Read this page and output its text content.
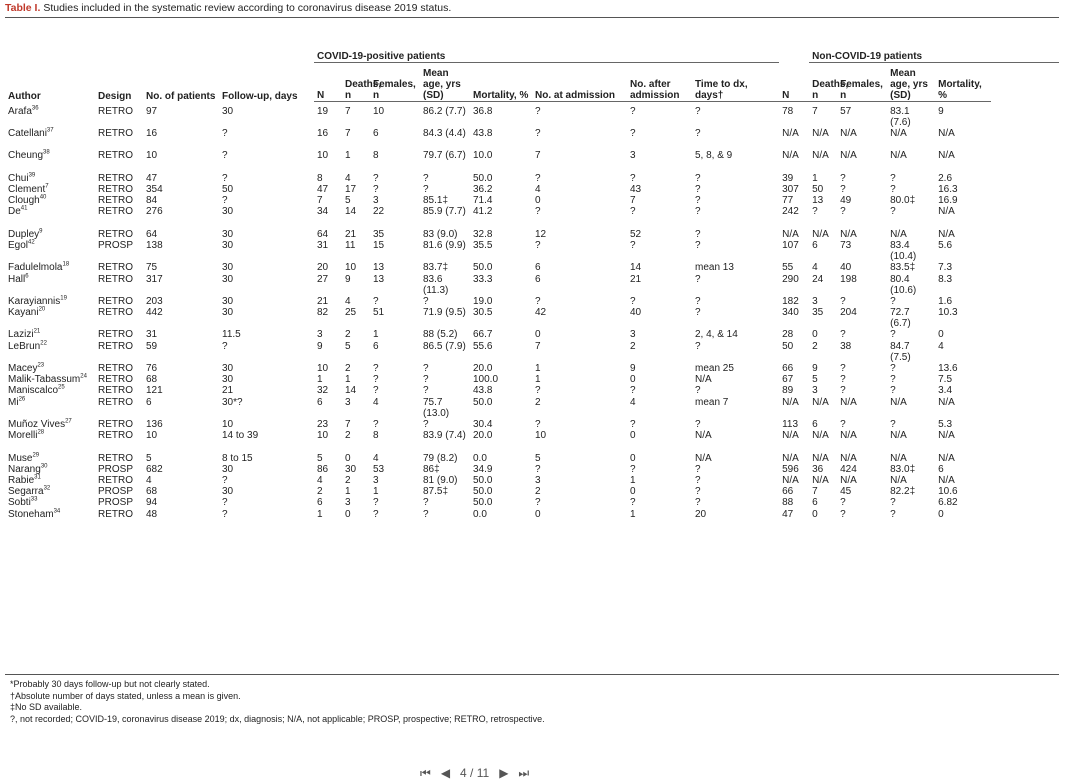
Table I. Studies included in the systematic review according to coronavirus disease 2019 status.
Author	Design	No. of patients	Follow-up, days	COVID-19-positive patients									Non-COVID-19 patients			
				N	Deaths, n	Females, n	Mean age, yrs (SD)	Mortality, %	No. at admission	No. after admission	Time to dx, days†	N	Deaths, n	Females, n	Mean age, yrs (SD)	Mortality, %
Arafa$^{36}$	RETRO	97	30	19	7	10	86.2 (7.7)	36.8	?	?	?	78	7	57	83.1 (7.6)	9
Catellani$^{37}$	RETRO	16	?	16	7	6	84.3 (4.4)	43.8	?	?	?	N/A	N/A	N/A	N/A	N/A
Cheung$^{38}$	RETRO	10	?	10	1	8	79.7 (6.7)	10.0	7	3	5, 8, & 9	N/A	N/A	N/A	N/A	N/A
Chui$^{39}$	RETRO	47	?	8	4	?	?	50.0	?	?	?	39	1	?	?	2.6
Clement$^7$	RETRO	354	50	47	17	?	?	36.2	4	43	?	307	50	?	?	16.3
Clough$^{40}$	RETRO	84	?	7	5	3	85.1‡	71.4	0	7	?	77	13	49	80.0‡	16.9
De$^{41}$	RETRO	276	30	34	14	22	85.9 (7.7)	41.2	?	?	?	242	?	?	?	N/A
Dupley$^9$	RETRO	64	30	64	21	35	83 (9.0)	32.8	12	52	?	N/A	N/A	N/A	N/A	N/A
Egol$^{42}$	PROSP	138	30	31	11	15	81.6 (9.9)	35.5	?	?	?	107	6	73	83.4 (10.4)	5.6
Fadulelmola$^{18}$	RETRO	75	30	20	10	13	83.7‡	50.0	6	14	mean 13	55	4	40	83.5‡	7.3
Hall$^6$	RETRO	317	30	27	9	13	83.6 (11.3)	33.3	6	21	?	290	24	198	80.4 (10.6)	8.3
Karayiannis$^{19}$	RETRO	203	30	21	4	?	?	19.0	?	?	?	182	3	?	?	1.6
Kayani$^{20}$	RETRO	442	30	82	25	51	71.9 (9.5)	30.5	42	40	?	340	35	204	72.7 (6.7)	10.3
Lazizi$^{21}$	RETRO	31	11.5	3	2	1	88 (5.2)	66.7	0	3	2, 4, & 14	28	0	?	?	0
LeBrun$^{22}$	RETRO	59	?	9	5	6	86.5 (7.9)	55.6	7	2	?	50	2	38	84.7 (7.5)	4
Macey$^{23}$	RETRO	76	30	10	2	?	?	20.0	1	9	mean 25	66	9	?	?	13.6
Malik-Tabassum$^{24}$	RETRO	68	30	1	1	?	?	100.0	1	0	N/A	67	5	?	?	7.5
Maniscalco$^{25}$	RETRO	121	21	32	14	?	?	43.8	?	?	?	89	3	?	?	3.4
Mi$^{26}$	RETRO	6	30*?	6	3	4	75.7 (13.0)	50.0	2	4	mean 7	N/A	N/A	N/A	N/A	N/A
Muñoz Vives$^{27}$	RETRO	136	10	23	7	?	?	30.4	?	?	?	113	6	?	?	5.3
Morelli$^{28}$	RETRO	10	14 to 39	10	2	8	83.9 (7.4)	20.0	10	0	N/A	N/A	N/A	N/A	N/A	N/A
Muse$^{29}$	RETRO	5	8 to 15	5	0	4	79 (8.2)	0.0	5	0	N/A	N/A	N/A	N/A	N/A	N/A
Narang$^{30}$	PROSP	682	30	86	30	53	86‡	34.9	?	?	?	596	36	424	83.0‡	6
Rabie$^{31}$	RETRO	4	?	4	2	3	81 (9.0)	50.0	3	1	?	N/A	N/A	N/A	N/A	N/A
Segarra$^{32}$	PROSP	68	30	2	1	1	87.5‡	50.0	2	0	?	66	7	45	82.2‡	10.6
Sobti$^{33}$	PROSP	94	?	6	3	?	?	50.0	?	?	?	88	6	?	?	6.82
Stoneham$^{34}$	RETRO	48	?	1	0	?	?	0.0	0	1	20	47	0	?	?	0
*Probably 30 days follow-up but not clearly stated.
†Absolute number of days stated, unless a mean is given.
‡No SD available.
?, not recorded; COVID-19, coronavirus disease 2019; dx, diagnosis; N/A, not applicable; PROSP, prospective; RETRO, retrospective.
⏮ ◀ 4 / 11 ▶ ⏭
